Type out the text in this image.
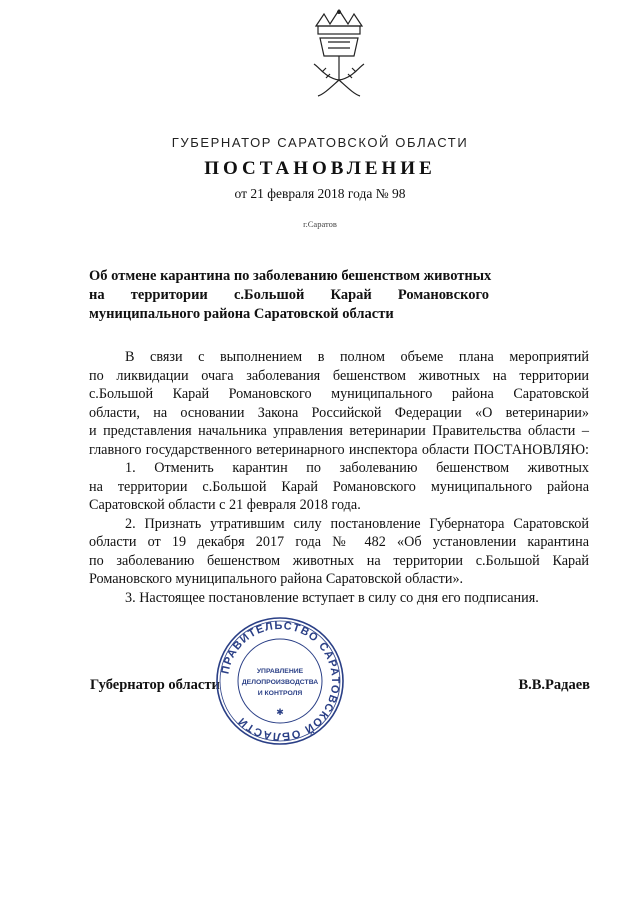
ГУБЕРНАТОР САРАТОВСКОЙ ОБЛАСТИ
ПОСТАНОВЛЕНИЕ
от 21 февраля 2018 года № 98
г.Саратов
Об отмене карантина по заболеванию бешенством животных
на территории с.Большой Карай Романовского
муниципального района Саратовской области
В связи с выполнением в полном объеме плана мероприятий
по ликвидации очага заболевания бешенством животных на территории
с.Большой Карай Романовского муниципального района Саратовской
области, на основании Закона Российской Федерации «О ветеринарии»
и представления начальника управления ветеринарии Правительства области –
главного государственного ветеринарного инспектора области ПОСТАНОВЛЯЮ:
1. Отменить карантин по заболеванию бешенством животных
на территории с.Большой Карай Романовского муниципального района
Саратовской области с 21 февраля 2018 года.
2. Признать утратившим силу постановление Губернатора Саратовской
области от 19 декабря 2017 года № 482 «Об установлении карантина
по заболеванию бешенством животных на территории с.Большой Карай
Романовского муниципального района Саратовской области».
3. Настоящее постановление вступает в силу со дня его подписания.
Губернатор области	В.В.Радаев
ПРАВИТЕЛЬСТВО САРАТОВСКОЙ ОБЛАСТИ
УПРАВЛЕНИЕ
ДЕЛОПРОИЗВОДСТВА
И КОНТРОЛЯ
✱
